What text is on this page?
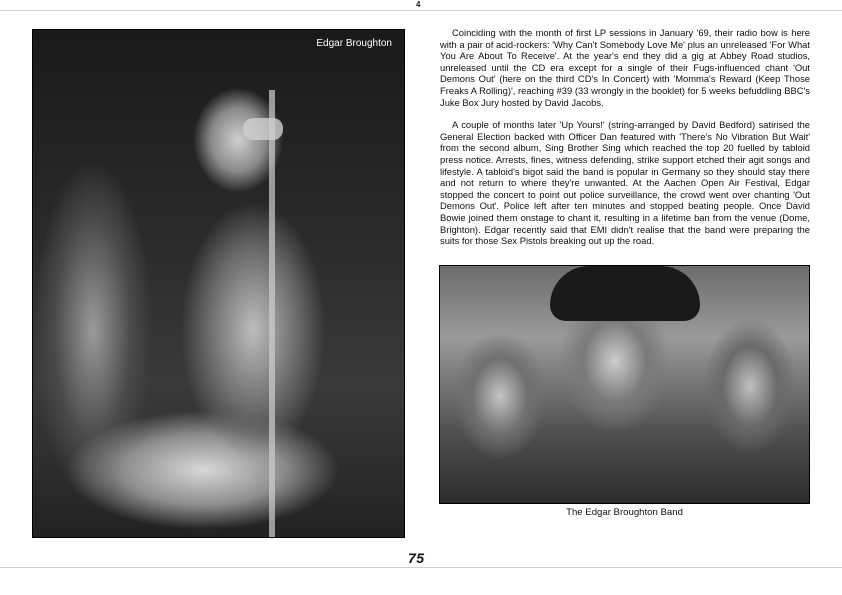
4
Edgar Broughton

Coinciding with the month of first LP sessions in January '69, their radio bow is here with a pair of acid-rockers: 'Why Can't Somebody Love Me' plus an unreleased 'For What You Are About To Receive'. At the year's end they did a gig at Abbey Road studios, unreleased until the CD era except for a single of their Fugs-influenced chant 'Out Demons Out' (here on the third CD's In Concert) with 'Momma's Reward (Keep Those Freaks A Rolling)', reaching #39 (33 wrongly in the booklet) for 5 weeks befuddling BBC's Juke Box Jury hosted by David Jacobs.

A couple of months later 'Up Yours!' (string-arranged by David Bedford) satirised the General Election backed with Officer Dan featured with 'There's No Vibration But Wait' from the second album, Sing Brother Sing which reached the top 20 fuelled by tabloid press notice. Arrests, fines, witness defending, strike support etched their agit songs and lifestyle. A tabloid's bigot said the band is popular in Germany so they should stay there and not return to where they're unwanted. At the Aachen Open Air Festival, Edgar stopped the concert to point out police surveillance, the crowd went over chanting 'Out Demons Out'. Police left after ten minutes and stopped beating people. Once David Bowie joined them onstage to chant it, resulting in a lifetime ban from the venue (Dome, Brighton). Edgar recently said that EMI didn't realise that the band were preparing the suits for those Sex Pistols breaking out up the road.

The Edgar Broughton Band
75
